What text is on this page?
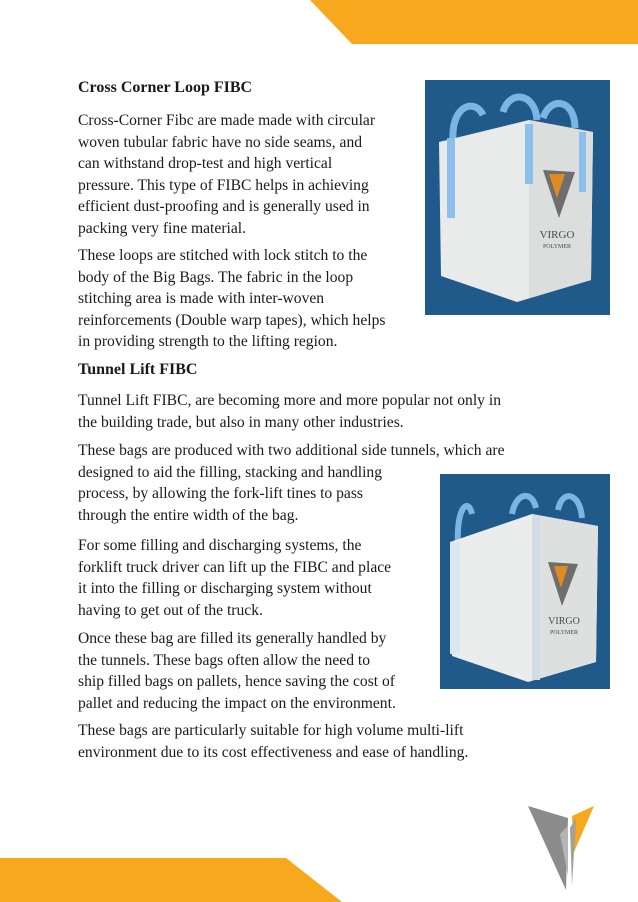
Cross Corner Loop FIBC

Cross-Corner Fibc are made made with circular
woven tubular fabric have no side seams, and
can withstand drop-test and high vertical
pressure. This type of FIBC helps in achieving
efficient dust-proofing and is generally used in
packing very fine material.
These loops are stitched with lock stitch to the
body of the Big Bags. The fabric in the loop
stitching area is made with inter-woven
reinforcements (Double warp tapes), which helps
in providing strength to the lifting region.
VIRGO
POLYMER

Tunnel Lift FIBC

Tunnel Lift FIBC, are becoming more and more popular not only in
the building trade, but also in many other industries.
These bags are produced with two additional side tunnels, which are
designed to aid the filling, stacking and handling
process, by allowing the fork-lift tines to pass
through the entire width of the bag.
For some filling and discharging systems, the
forklift truck driver can lift up the FIBC and place
it into the filling or discharging system without
having to get out of the truck.
Once these bag are filled its generally handled by
the tunnels. These bags often allow the need to
ship filled bags on pallets, hence saving the cost of
pallet and reducing the impact on the environment.
These bags are particularly suitable for high volume multi-lift
environment due to its cost effectiveness and ease of handling.
VIRGO
POLYMER
